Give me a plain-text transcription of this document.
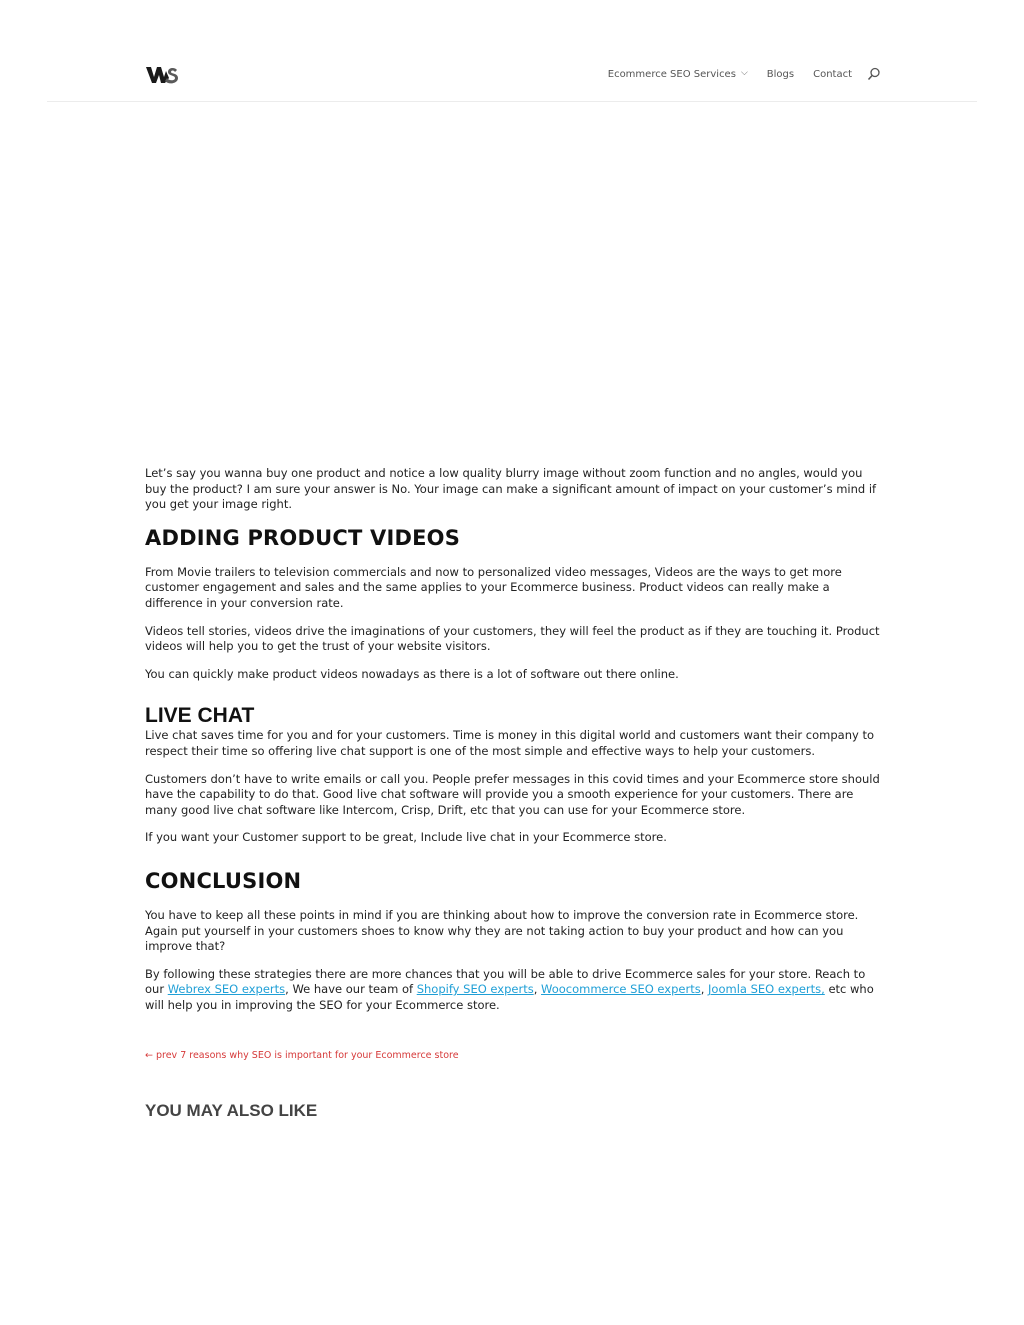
Ecommerce SEO Services ⌵ Blogs Contact

Let’s say you wanna buy one product and notice a low quality blurry image without zoom function and no angles, would you buy the product? I am sure your answer is No. Your image can make a significant amount of impact on your customer’s mind if you get your image right.

ADDING PRODUCT VIDEOS

From Movie trailers to television commercials and now to personalized video messages, Videos are the ways to get more customer engagement and sales and the same applies to your Ecommerce business. Product videos can really make a difference in your conversion rate.

Videos tell stories, videos drive the imaginations of your customers, they will feel the product as if they are touching it. Product videos will help you to get the trust of your website visitors.

You can quickly make product videos nowadays as there is a lot of software out there online.

LIVE CHAT

Live chat saves time for you and for your customers. Time is money in this digital world and customers want their company to respect their time so offering live chat support is one of the most simple and effective ways to help your customers.

Customers don’t have to write emails or call you. People prefer messages in this covid times and your Ecommerce store should have the capability to do that. Good live chat software will provide you a smooth experience for your customers. There are many good live chat software like Intercom, Crisp, Drift, etc that you can use for your Ecommerce store.

If you want your Customer support to be great, Include live chat in your Ecommerce store.

CONCLUSION

You have to keep all these points in mind if you are thinking about how to improve the conversion rate in Ecommerce store. Again put yourself in your customers shoes to know why they are not taking action to buy your product and how can you improve that?

By following these strategies there are more chances that you will be able to drive Ecommerce sales for your store. Reach to our Webrex SEO experts, We have our team of Shopify SEO experts, Woocommerce SEO experts, Joomla SEO experts, etc who will help you in improving the SEO for your Ecommerce store.

← prev 7 reasons why SEO is important for your Ecommerce store
YOU MAY ALSO LIKE
